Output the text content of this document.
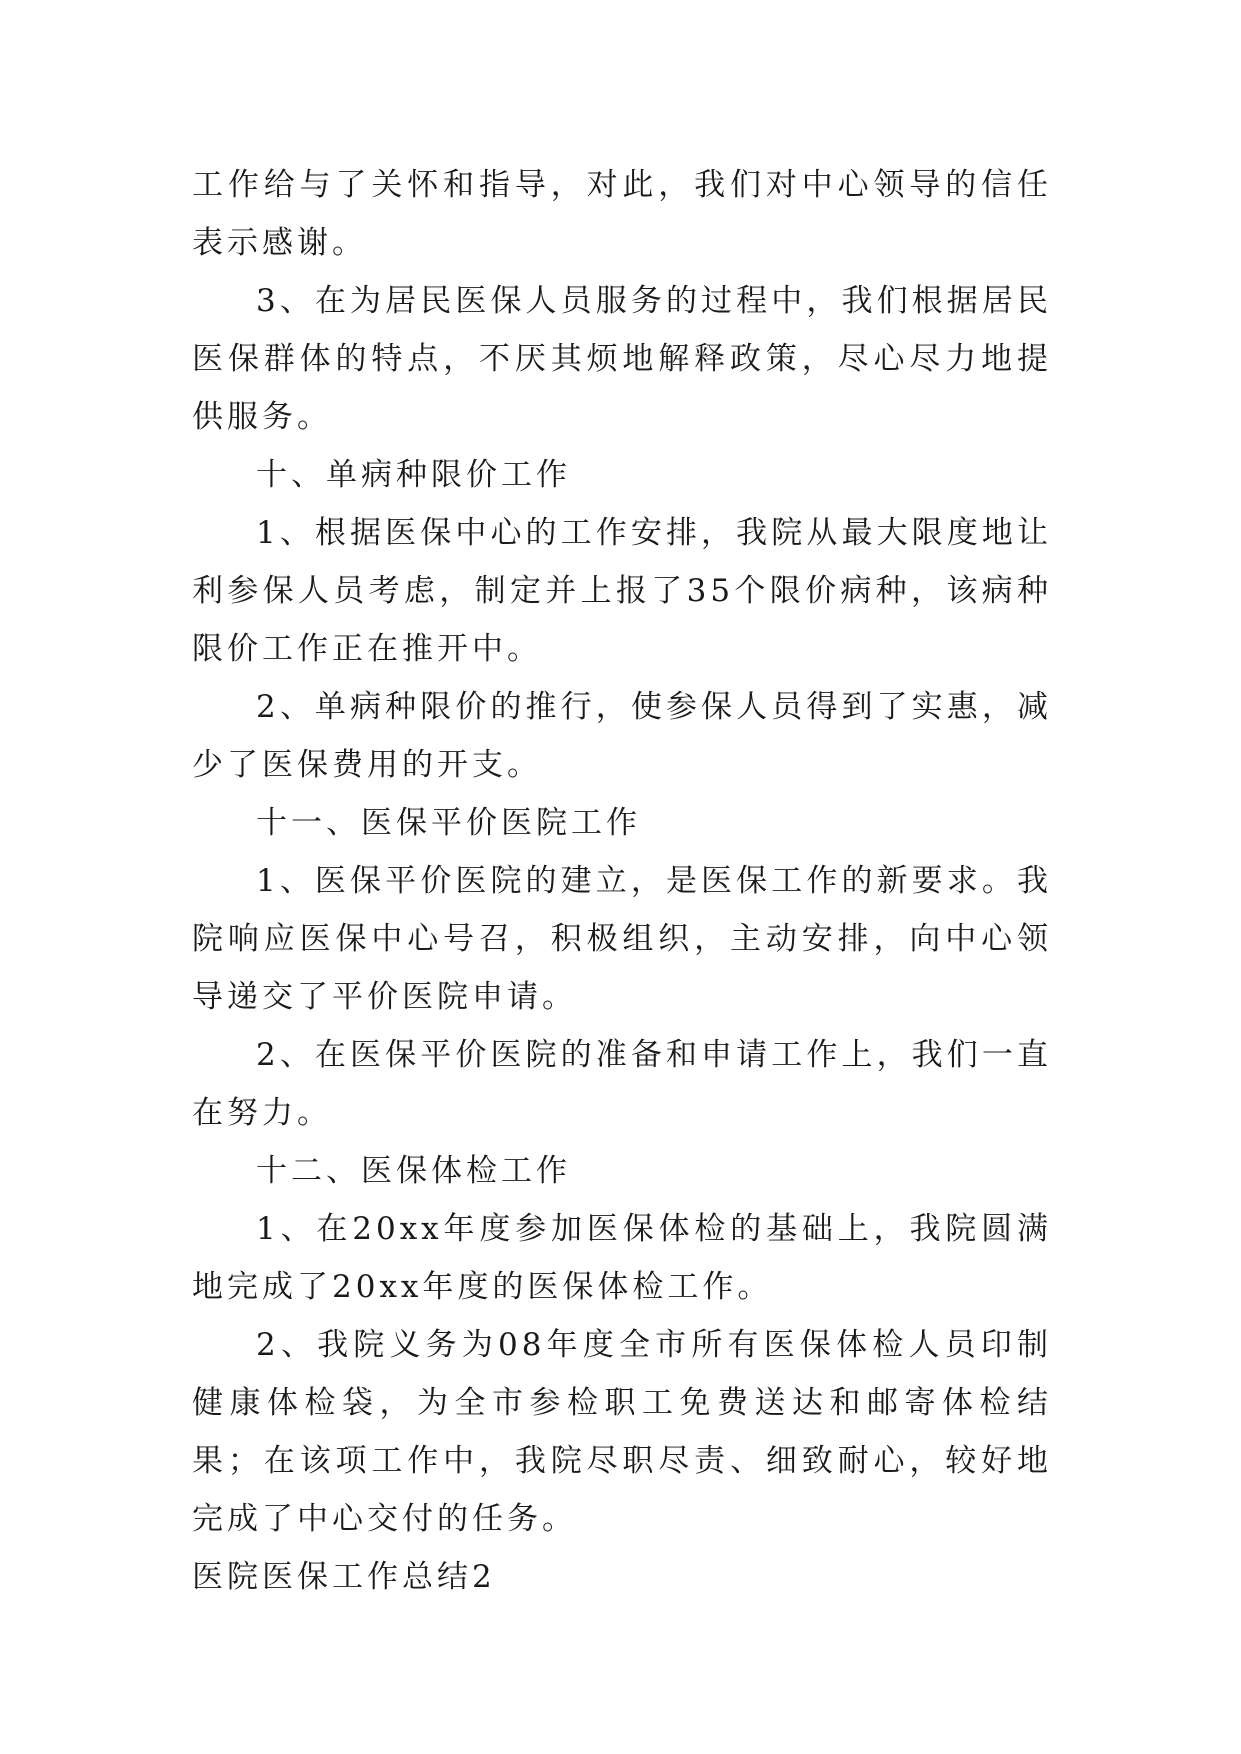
工作给与了关怀和指导，对此，我们对中心领导的信任表示感谢。

3、在为居民医保人员服务的过程中，我们根据居民医保群体的特点，不厌其烦地解释政策，尽心尽力地提供服务。

十、单病种限价工作

1、根据医保中心的工作安排，我院从最大限度地让利参保人员考虑，制定并上报了35个限价病种，该病种限价工作正在推开中。

2、单病种限价的推行，使参保人员得到了实惠，减少了医保费用的开支。

十一、医保平价医院工作

1、医保平价医院的建立，是医保工作的新要求。我院响应医保中心号召，积极组织，主动安排，向中心领导递交了平价医院申请。

2、在医保平价医院的准备和申请工作上，我们一直在努力。

十二、医保体检工作

1、在20xx年度参加医保体检的基础上，我院圆满地完成了20xx年度的医保体检工作。

2、我院义务为08年度全市所有医保体检人员印制健康体检袋，为全市参检职工免费送达和邮寄体检结果；在该项工作中，我院尽职尽责、细致耐心，较好地完成了中心交付的任务。

医院医保工作总结2
